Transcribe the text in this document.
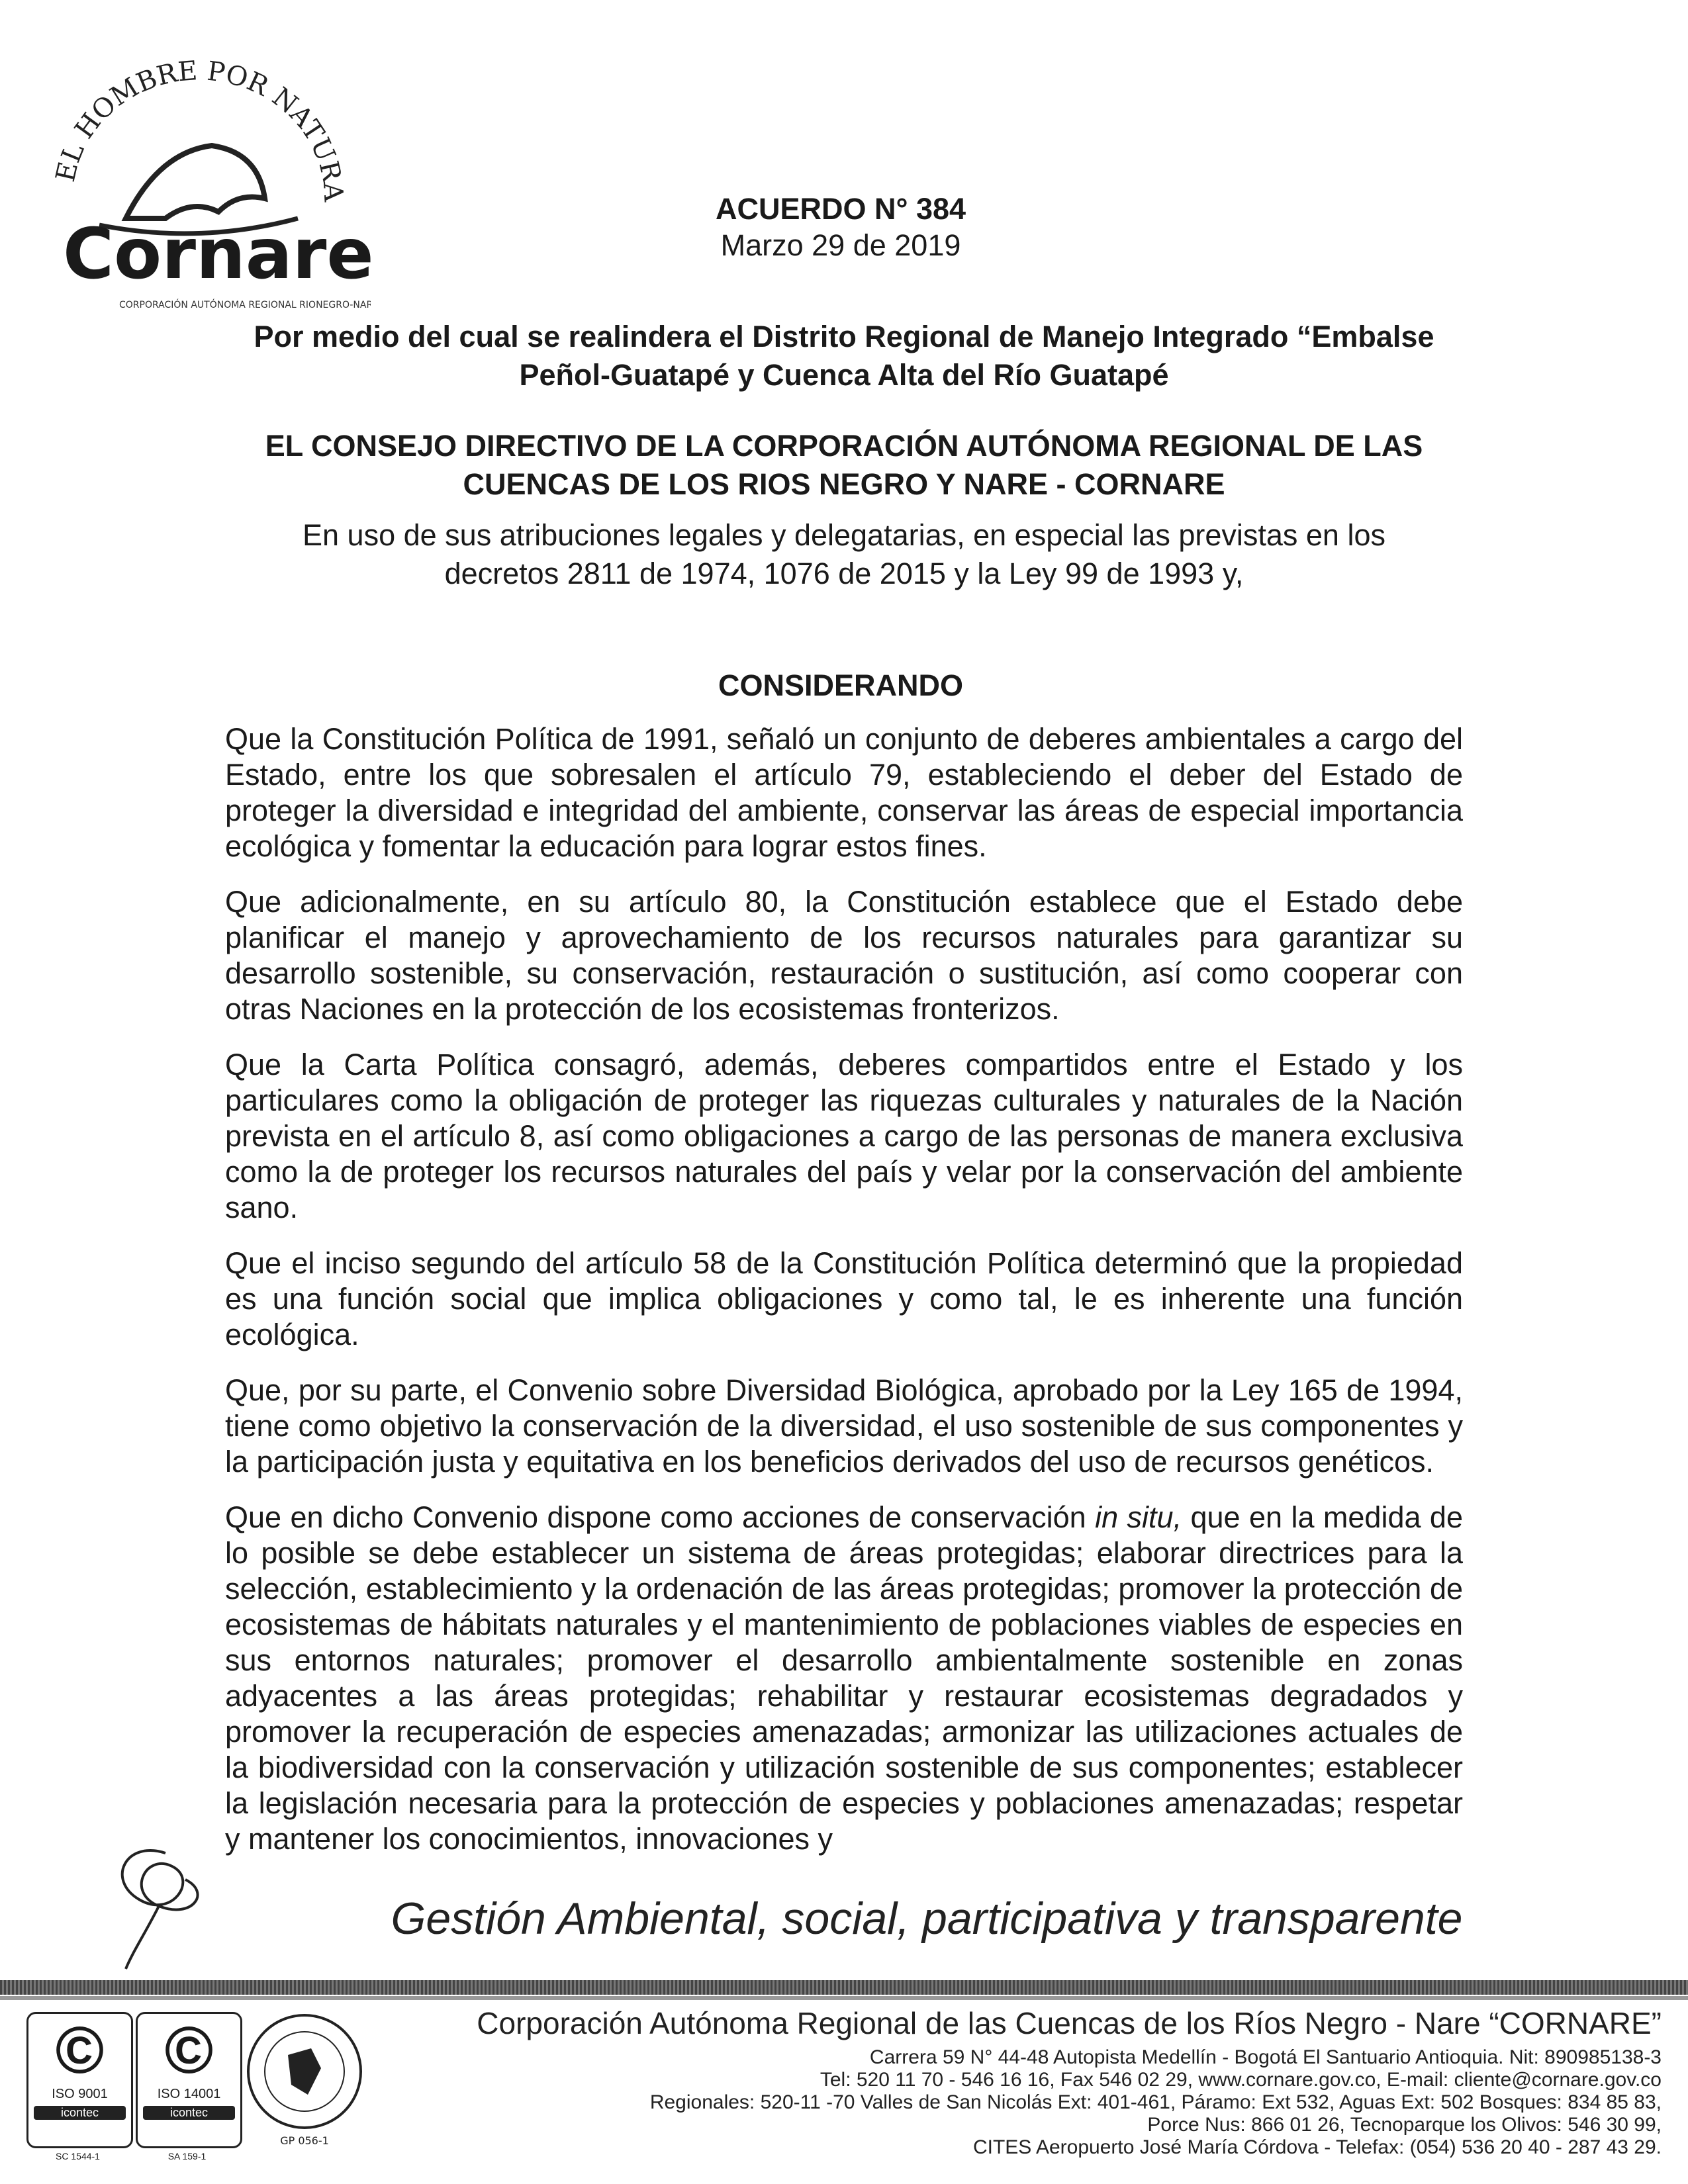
EL HOMBRE POR NATURA
Cornare
CORPORACIÓN AUTÓNOMA REGIONAL RIONEGRO-NARE
ACUERDO N° 384
Marzo 29 de 2019
Por medio del cual se realindera el Distrito Regional de Manejo Integrado “Embalse
Peñol-Guatapé y Cuenca Alta del Río Guatapé
EL CONSEJO DIRECTIVO DE LA CORPORACIÓN AUTÓNOMA REGIONAL DE LAS
CUENCAS DE LOS RIOS NEGRO Y NARE - CORNARE
En uso de sus atribuciones legales y delegatarias, en especial las previstas en los
decretos 2811 de 1974, 1076 de 2015 y la Ley 99 de 1993 y,
CONSIDERANDO

Que la Constitución Política de 1991, señaló un conjunto de deberes ambientales a cargo del Estado, entre los que sobresalen el artículo 79, estableciendo el deber del Estado de proteger la diversidad e integridad del ambiente, conservar las áreas de especial importancia ecológica y fomentar la educación para lograr estos fines.

Que adicionalmente, en su artículo 80, la Constitución establece que el Estado debe planificar el manejo y aprovechamiento de los recursos naturales para garantizar su desarrollo sostenible, su conservación, restauración o sustitución, así como cooperar con otras Naciones en la protección de los ecosistemas fronterizos.

Que la Carta Política consagró, además, deberes compartidos entre el Estado y los particulares como la obligación de proteger las riquezas culturales y naturales de la Nación prevista en el artículo 8, así como obligaciones a cargo de las personas de manera exclusiva como la de proteger los recursos naturales del país y velar por la conservación del ambiente sano.

Que el inciso segundo del artículo 58 de la Constitución Política determinó que la propiedad es una función social que implica obligaciones y como tal, le es inherente una función ecológica.

Que, por su parte, el Convenio sobre Diversidad Biológica, aprobado por la Ley 165 de 1994, tiene como objetivo la conservación de la diversidad, el uso sostenible de sus componentes y la participación justa y equitativa en los beneficios derivados del uso de recursos genéticos.

Que en dicho Convenio dispone como acciones de conservación in situ, que en la medida de lo posible se debe establecer un sistema de áreas protegidas; elaborar directrices para la selección, establecimiento y la ordenación de las áreas protegidas; promover la protección de ecosistemas de hábitats naturales y el mantenimiento de poblaciones viables de especies en sus entornos naturales; promover el desarrollo ambientalmente sostenible en zonas adyacentes a las áreas protegidas; rehabilitar y restaurar ecosistemas degradados y promover la recuperación de especies amenazadas; armonizar las utilizaciones actuales de la biodiversidad con la conservación y utilización sostenible de sus componentes; establecer la legislación necesaria para la protección de especies y poblaciones amenazadas; respetar y mantener los conocimientos, innovaciones y

Gestión Ambiental, social, participativa y transparente
©
ISO 9001
icontec
SC 1544-1
©
ISO 14001
icontec
SA 159-1
GP 056-1
Corporación Autónoma Regional de las Cuencas de los Ríos Negro - Nare “CORNARE”
Carrera 59 N° 44-48 Autopista Medellín - Bogotá El Santuario Antioquia. Nit: 890985138-3
Tel: 520 11 70 - 546 16 16, Fax 546 02 29, www.cornare.gov.co, E-mail: cliente@cornare.gov.co
Regionales: 520-11 -70 Valles de San Nicolás Ext: 401-461, Páramo: Ext 532, Aguas Ext: 502 Bosques: 834 85 83,
Porce Nus: 866 01 26, Tecnoparque los Olivos: 546 30 99,
CITES Aeropuerto José María Córdova - Telefax: (054) 536 20 40 - 287 43 29.
